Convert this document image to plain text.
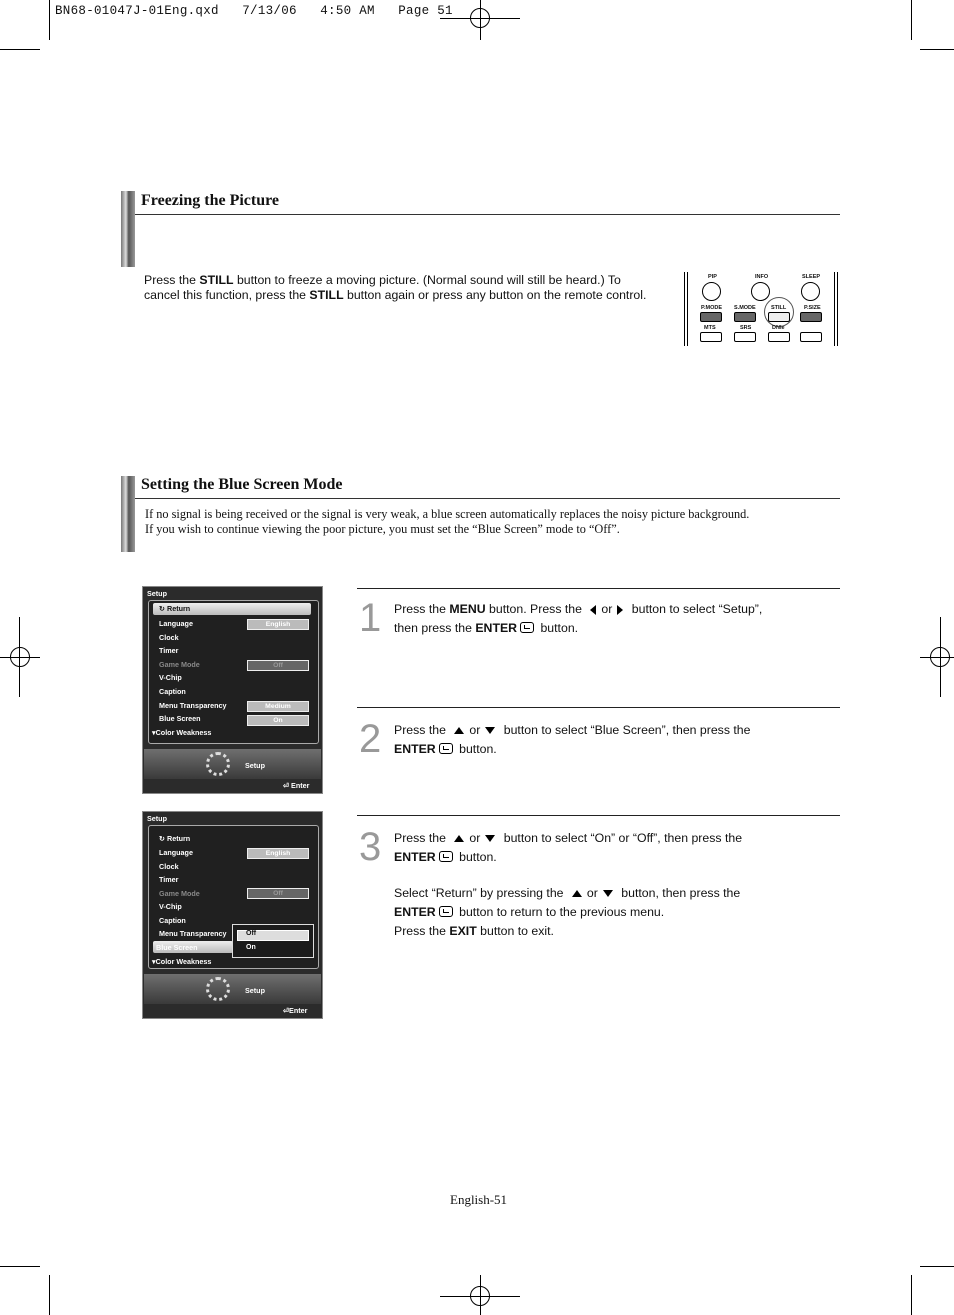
BN68-01047J-01Eng.qxd   7/13/06   4:50 AM   Page 51
Freezing the Picture
Press the STILL button to freeze a moving picture. (Normal sound will still be heard.) To
cancel this function, press the STILL button again or press any button on the remote control.
PIP	INFO	SLEEP
P.MODE S.MODE	STILL	P.SIZE
MTS	SRS	DNIe
Setting the Blue Screen Mode
If no signal is being received or the signal is very weak, a blue screen automatically replaces the noisy picture background.
If you wish to continue viewing the poor picture, you must set the “Blue Screen” mode to “Off”.
Setup
↻ Return
Language	English
Clock
Timer
Game Mode	Off
V-Chip
Caption
Menu Transparency	Medium
Blue Screen	On
▾Color Weakness
Setup
⏎ Enter
Setup
↻ Return
Language	English
Clock
Timer
Game Mode	Off
V-Chip
Caption
Menu Transparency
Blue Screen
▾Color Weakness
Off
On
Setup
⏎Enter
1 Press the MENU button. Press the or button to select “Setup”,
then press the ENTER button.
2 Press the or button to select “Blue Screen”, then press the
ENTER button.
3 Press the or button to select “On” or “Off”, then press the
ENTER button.
Select “Return” by pressing the or button, then press the
ENTER button to return to the previous menu.
Press the EXIT button to exit.
English-51
